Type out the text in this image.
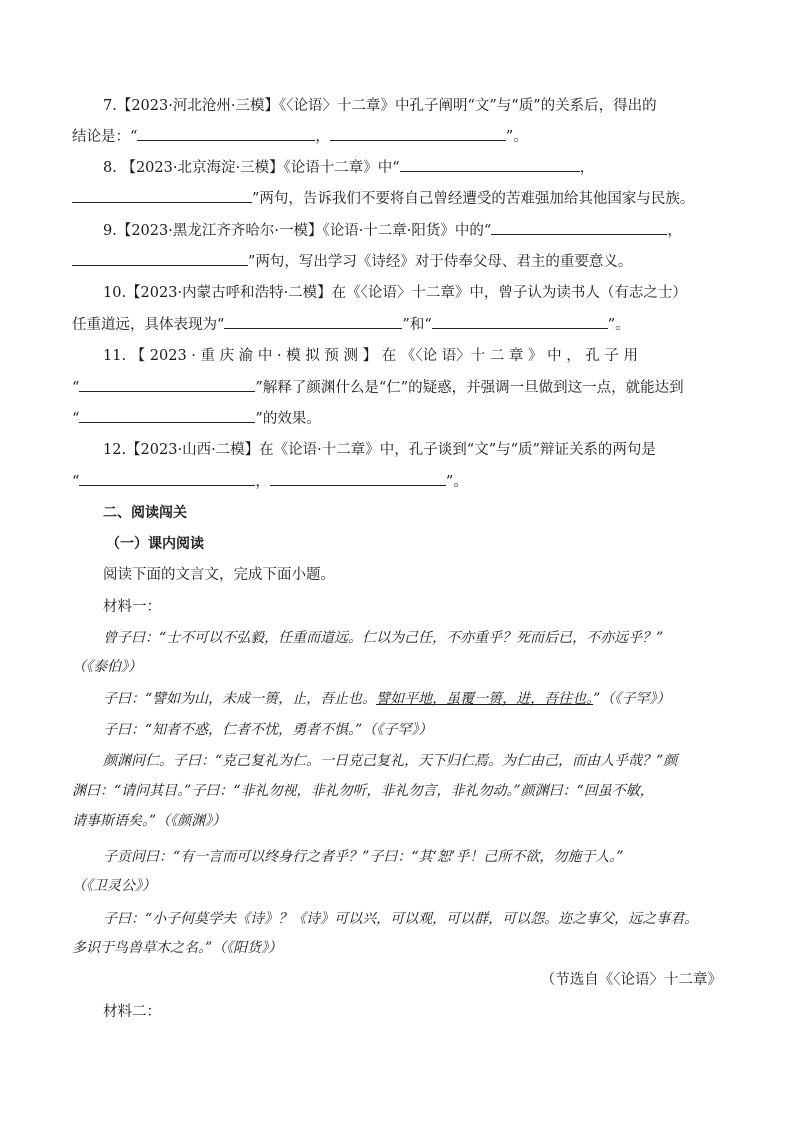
7.【2023·河北沧州·三模】《〈论语〉十二章》中孔子阐明“文”与“质”的关系后，得出的
结论是：“	，	”。
8. 【2023·北京海淀·三模】《论语十二章》中“	，
”两句，告诉我们不要将自己曾经遭受的苦难强加给其他国家与民族。
9.【2023·黑龙江齐齐哈尔·一模】《论语·十二章·阳货》中的“	，
”两句，写出学习《诗经》对于侍奉父母、君主的重要意义。
10.【2023·内蒙古呼和浩特·二模】在《〈论语〉十二章》中，曾子认为读书人（有志之士）
任重道远，具体表现为“	”和“	”。
11. 【 2023 · 重 庆 渝 中 · 模 拟 预 测 】 在 《〈论 语〉十 二 章 》 中 ， 孔 子 用
“	”解释了颜渊什么是“仁”的疑惑，并强调一旦做到这一点，就能达到
“	”的效果。
12.【2023·山西·二模】在《论语·十二章》中，孔子谈到“文”与“质”辩证关系的两句是
“	，	”。
二、阅读闯关
（一）课内阅读
阅读下面的文言文，完成下面小题。
材料一：
曾子曰：“士不可以不弘毅，任重而道远。仁以为己任，不亦重乎？死而后已，不亦远乎？”
（《泰伯》）
子曰：“譬如为山，未成一篑，止，吾止也。譬如平地，虽覆一篑，进，吾往也。”（《子罕》）
子曰：“知者不惑，仁者不忧，勇者不惧。”（《子罕》）
颜渊问仁。子曰：“克己复礼为仁。一日克己复礼，天下归仁焉。为仁由己，而由人乎哉？”颜
渊曰：“请问其目。”子曰：“非礼勿视，非礼勿听，非礼勿言，非礼勿动。”颜渊曰：“回虽不敏，
请事斯语矣。”（《颜渊》）
子贡问曰：“有一言而可以终身行之者乎？”子曰：“其‘恕’乎！己所不欲，勿施于人。”
（《卫灵公》）
子曰：“小子何莫学夫《诗》？《诗》可以兴，可以观，可以群，可以怨。迩之事父，远之事君。
多识于鸟兽草木之名。”（《阳货》）
（节选自《〈论语〉十二章》
材料二：
